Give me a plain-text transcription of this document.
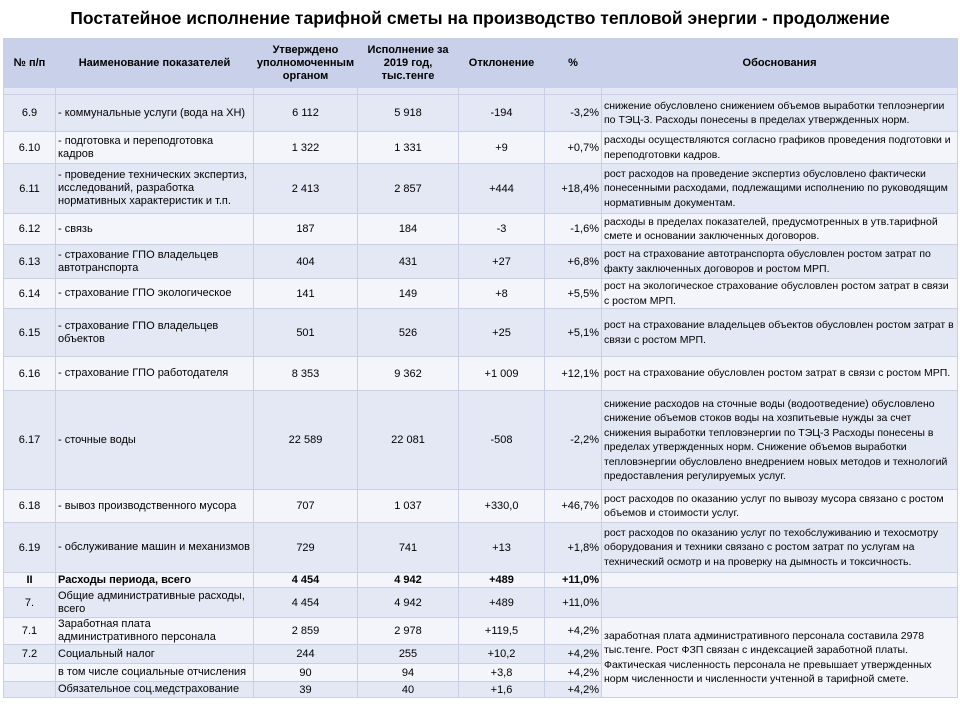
Постатейное исполнение тарифной сметы на производство тепловой энергии - продолжение
№ п/п	Наименование показателей	Утверждено уполномоченным органом	Исполнение за 2019 год, тыс.тенге	Отклонение	%	Обоснования

6.9	- коммунальные услуги (вода на ХН)	6 112	5 918	-194	-3,2%	снижение обусловлено снижением объемов выработки теплоэнергии по ТЭЦ-3. Расходы понесены в пределах утвержденных норм.
6.10	- подготовка и переподготовка кадров	1 322	1 331	+9	+0,7%	расходы осуществляются согласно графиков проведения подготовки и переподготовки кадров.
6.11	- проведение технических экспертиз, исследований, разработка нормативных характеристик и т.п.	2 413	2 857	+444	+18,4%	рост расходов на проведение экспертиз обусловлено фактически понесенными расходами, подлежащими исполнению по руководящим нормативным документам.
6.12	- связь	187	184	-3	-1,6%	расходы в пределах показателей, предусмотренных в утв.тарифной смете и основании заключенных договоров.
6.13	- страхование ГПО владельцев автотранспорта	404	431	+27	+6,8%	рост на страхование автотранспорта обусловлен ростом затрат по факту заключенных договоров и ростом МРП.
6.14	- страхование ГПО экологическое	141	149	+8	+5,5%	рост на экологическое страхование обусловлен ростом затрат в связи с ростом МРП.
6.15	- страхование ГПО владельцев объектов	501	526	+25	+5,1%	рост на страхование владельцев объектов обусловлен ростом затрат в связи с ростом МРП.
6.16	- страхование ГПО работодателя	8 353	9 362	+1 009	+12,1%	рост на страхование обусловлен ростом затрат в связи с ростом МРП.
6.17	- сточные воды	22 589	22 081	-508	-2,2%	снижение расходов на сточные воды (водоотведение) обусловлено снижение объемов стоков воды на хозпитьевые нужды за счет снижения выработки тепловэнергии по ТЭЦ-3 Расходы понесены в пределах утвержденных норм. Снижение объемов выработки тепловэнергии обусловлено внедрением новых методов и технологий предоставления регулируемых услуг.
6.18	- вывоз производственного мусора	707	1 037	+330,0	+46,7%	рост расходов по оказанию услуг по вывозу мусора связано с ростом объемов и стоимости услуг.
6.19	- обслуживание машин и механизмов	729	741	+13	+1,8%	рост расходов по оказанию услуг по техобслуживанию и техосмотру оборудования и техники связано с ростом затрат по услугам на технический осмотр и на проверку на дымность и токсичность.
II	Расходы периода, всего	4 454	4 942	+489	+11,0%	
7.	Общие административные расходы, всего	4 454	4 942	+489	+11,0%	
7.1	Заработная плата административного персонала	2 859	2 978	+119,5	+4,2%	заработная плата административного персонала составила 2978 тыс.тенге. Рост ФЗП связан с индексацией заработной платы. Фактическая численность персонала не превышает утвержденных норм численности и численности учтенной в тарифной смете.
7.2	Социальный налог	244	255	+10,2	+4,2%	
	в том числе социальные отчисления	90	94	+3,8	+4,2%	
	Обязательное соц.медстрахование	39	40	+1,6	+4,2%	
